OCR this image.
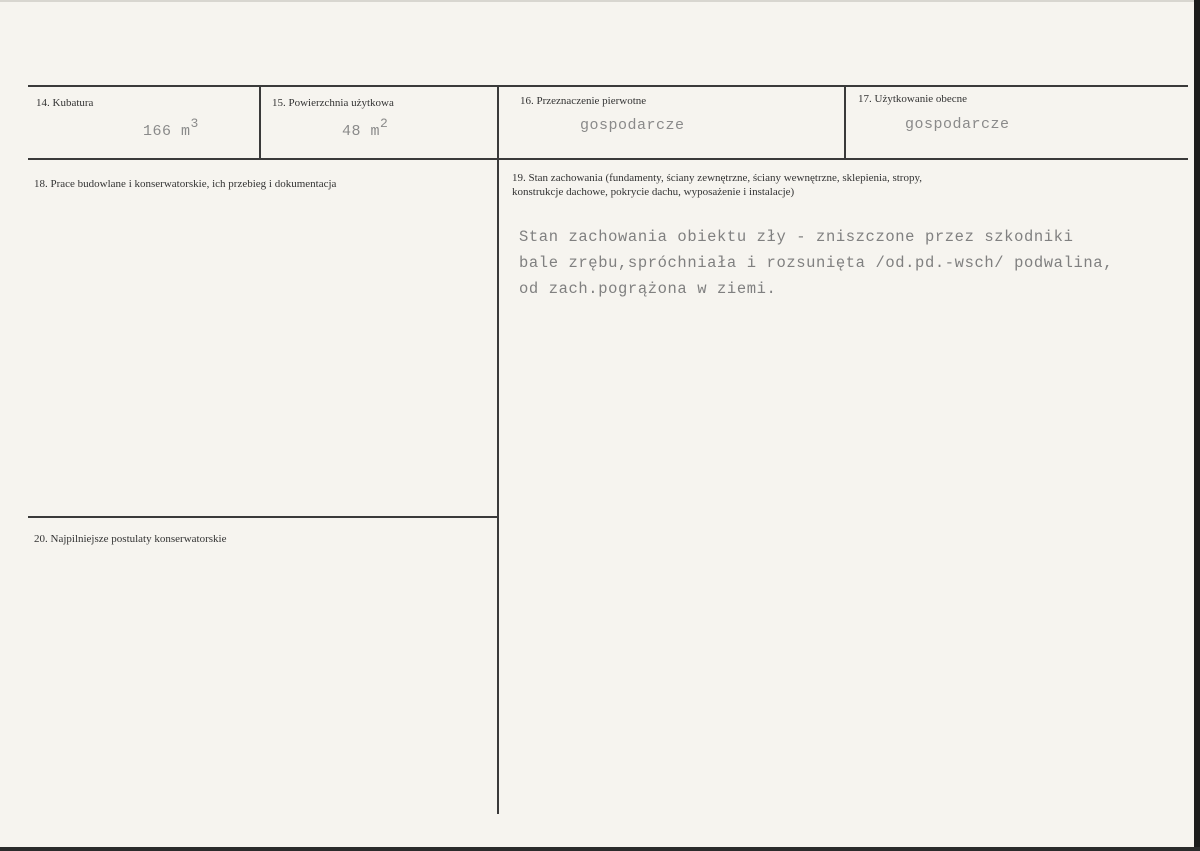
14. Kubatura
166 $m^3$
15. Powierzchnia użytkowa
48 $m^2$
16. Przeznaczenie pierwotne
gospodarcze
17. Użytkowanie obecne
gospodarcze
18. Prace budowlane i konserwatorskie, ich przebieg i dokumentacja	19. Stan zachowania (fundamenty, ściany zewnętrzne, ściany wewnętrzne, sklepienia, stropy,
konstrukcje dachowe, pokrycie dachu, wyposażenie i instalacje)
Stan zachowania obiektu zły - zniszczone przez szkodniki
bale zrębu,spróchniała i rozsunięta /od.pd.-wsch/ podwalina,
od zach.pogrążona w ziemi.
20. Najpilniejsze postulaty konserwatorskie
